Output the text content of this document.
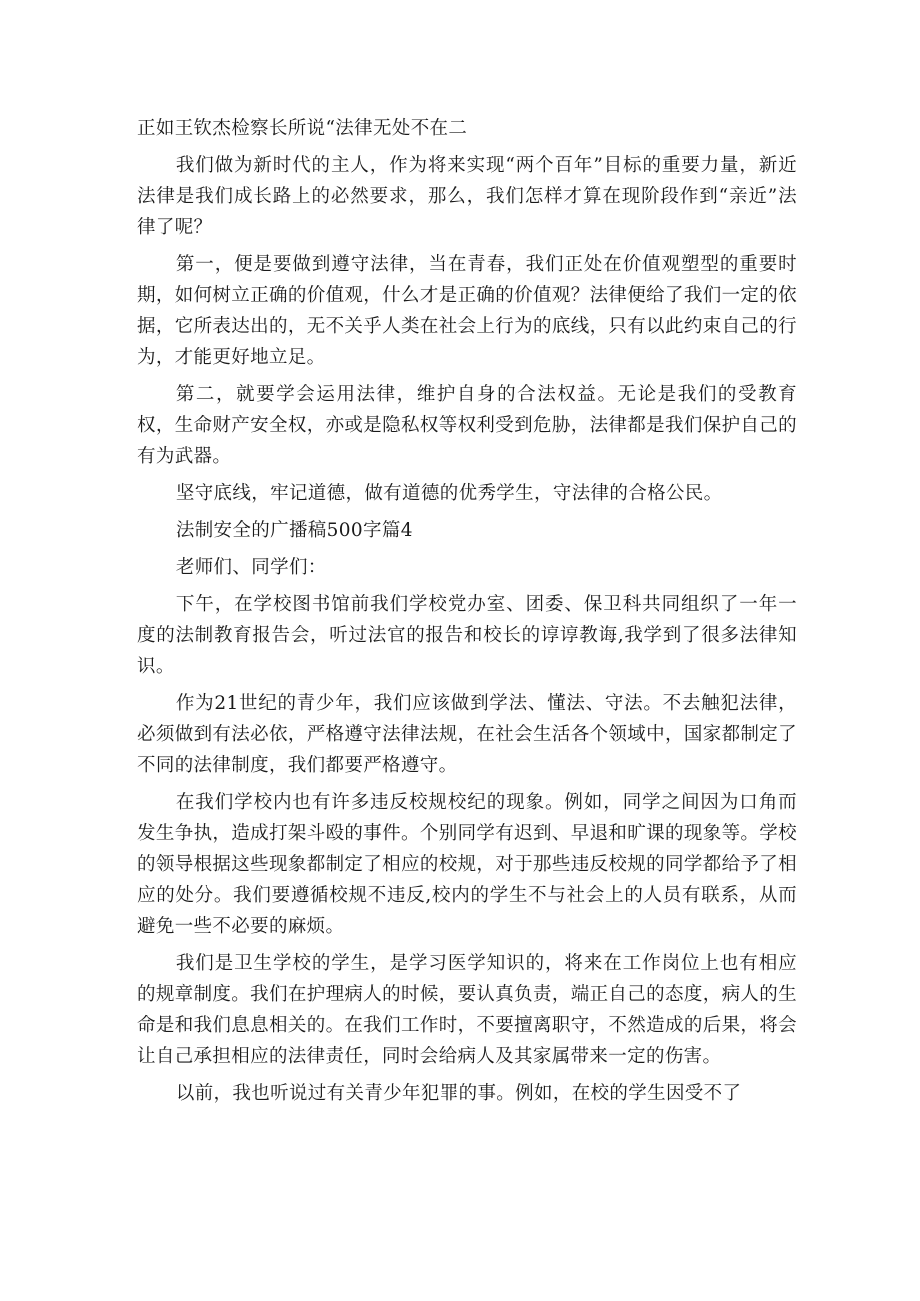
正如王钦杰检察长所说“法律无处不在二

我们做为新时代的主人，作为将来实现“两个百年”目标的重要力量，新近法律是我们成长路上的必然要求，那么，我们怎样才算在现阶段作到“亲近”法律了呢？

第一，便是要做到遵守法律，当在青春，我们正处在价值观塑型的重要时期，如何树立正确的价值观，什么才是正确的价值观？法律便给了我们一定的依据，它所表达出的，无不关乎人类在社会上行为的底线，只有以此约束自己的行为，才能更好地立足。

第二，就要学会运用法律，维护自身的合法权益。无论是我们的受教育权，生命财产安全权，亦或是隐私权等权利受到危胁，法律都是我们保护自己的有为武器。

坚守底线，牢记道德，做有道德的优秀学生，守法律的合格公民。

法制安全的广播稿500字篇4

老师们、同学们：

下午，在学校图书馆前我们学校党办室、团委、保卫科共同组织了一年一度的法制教育报告会，听过法官的报告和校长的谆谆教诲,我学到了很多法律知识。

作为21世纪的青少年，我们应该做到学法、懂法、守法。不去触犯法律，必须做到有法必依，严格遵守法律法规，在社会生活各个领域中，国家都制定了不同的法律制度，我们都要严格遵守。

在我们学校内也有许多违反校规校纪的现象。例如，同学之间因为口角而发生争执，造成打架斗殴的事件。个别同学有迟到、早退和旷课的现象等。学校的领导根据这些现象都制定了相应的校规，对于那些违反校规的同学都给予了相应的处分。我们要遵循校规不违反,校内的学生不与社会上的人员有联系，从而避免一些不必要的麻烦。

我们是卫生学校的学生，是学习医学知识的，将来在工作岗位上也有相应的规章制度。我们在护理病人的时候，要认真负责，端正自己的态度，病人的生命是和我们息息相关的。在我们工作时，不要擅离职守，不然造成的后果，将会让自己承担相应的法律责任，同时会给病人及其家属带来一定的伤害。

以前，我也听说过有关青少年犯罪的事。例如，在校的学生因受不了
